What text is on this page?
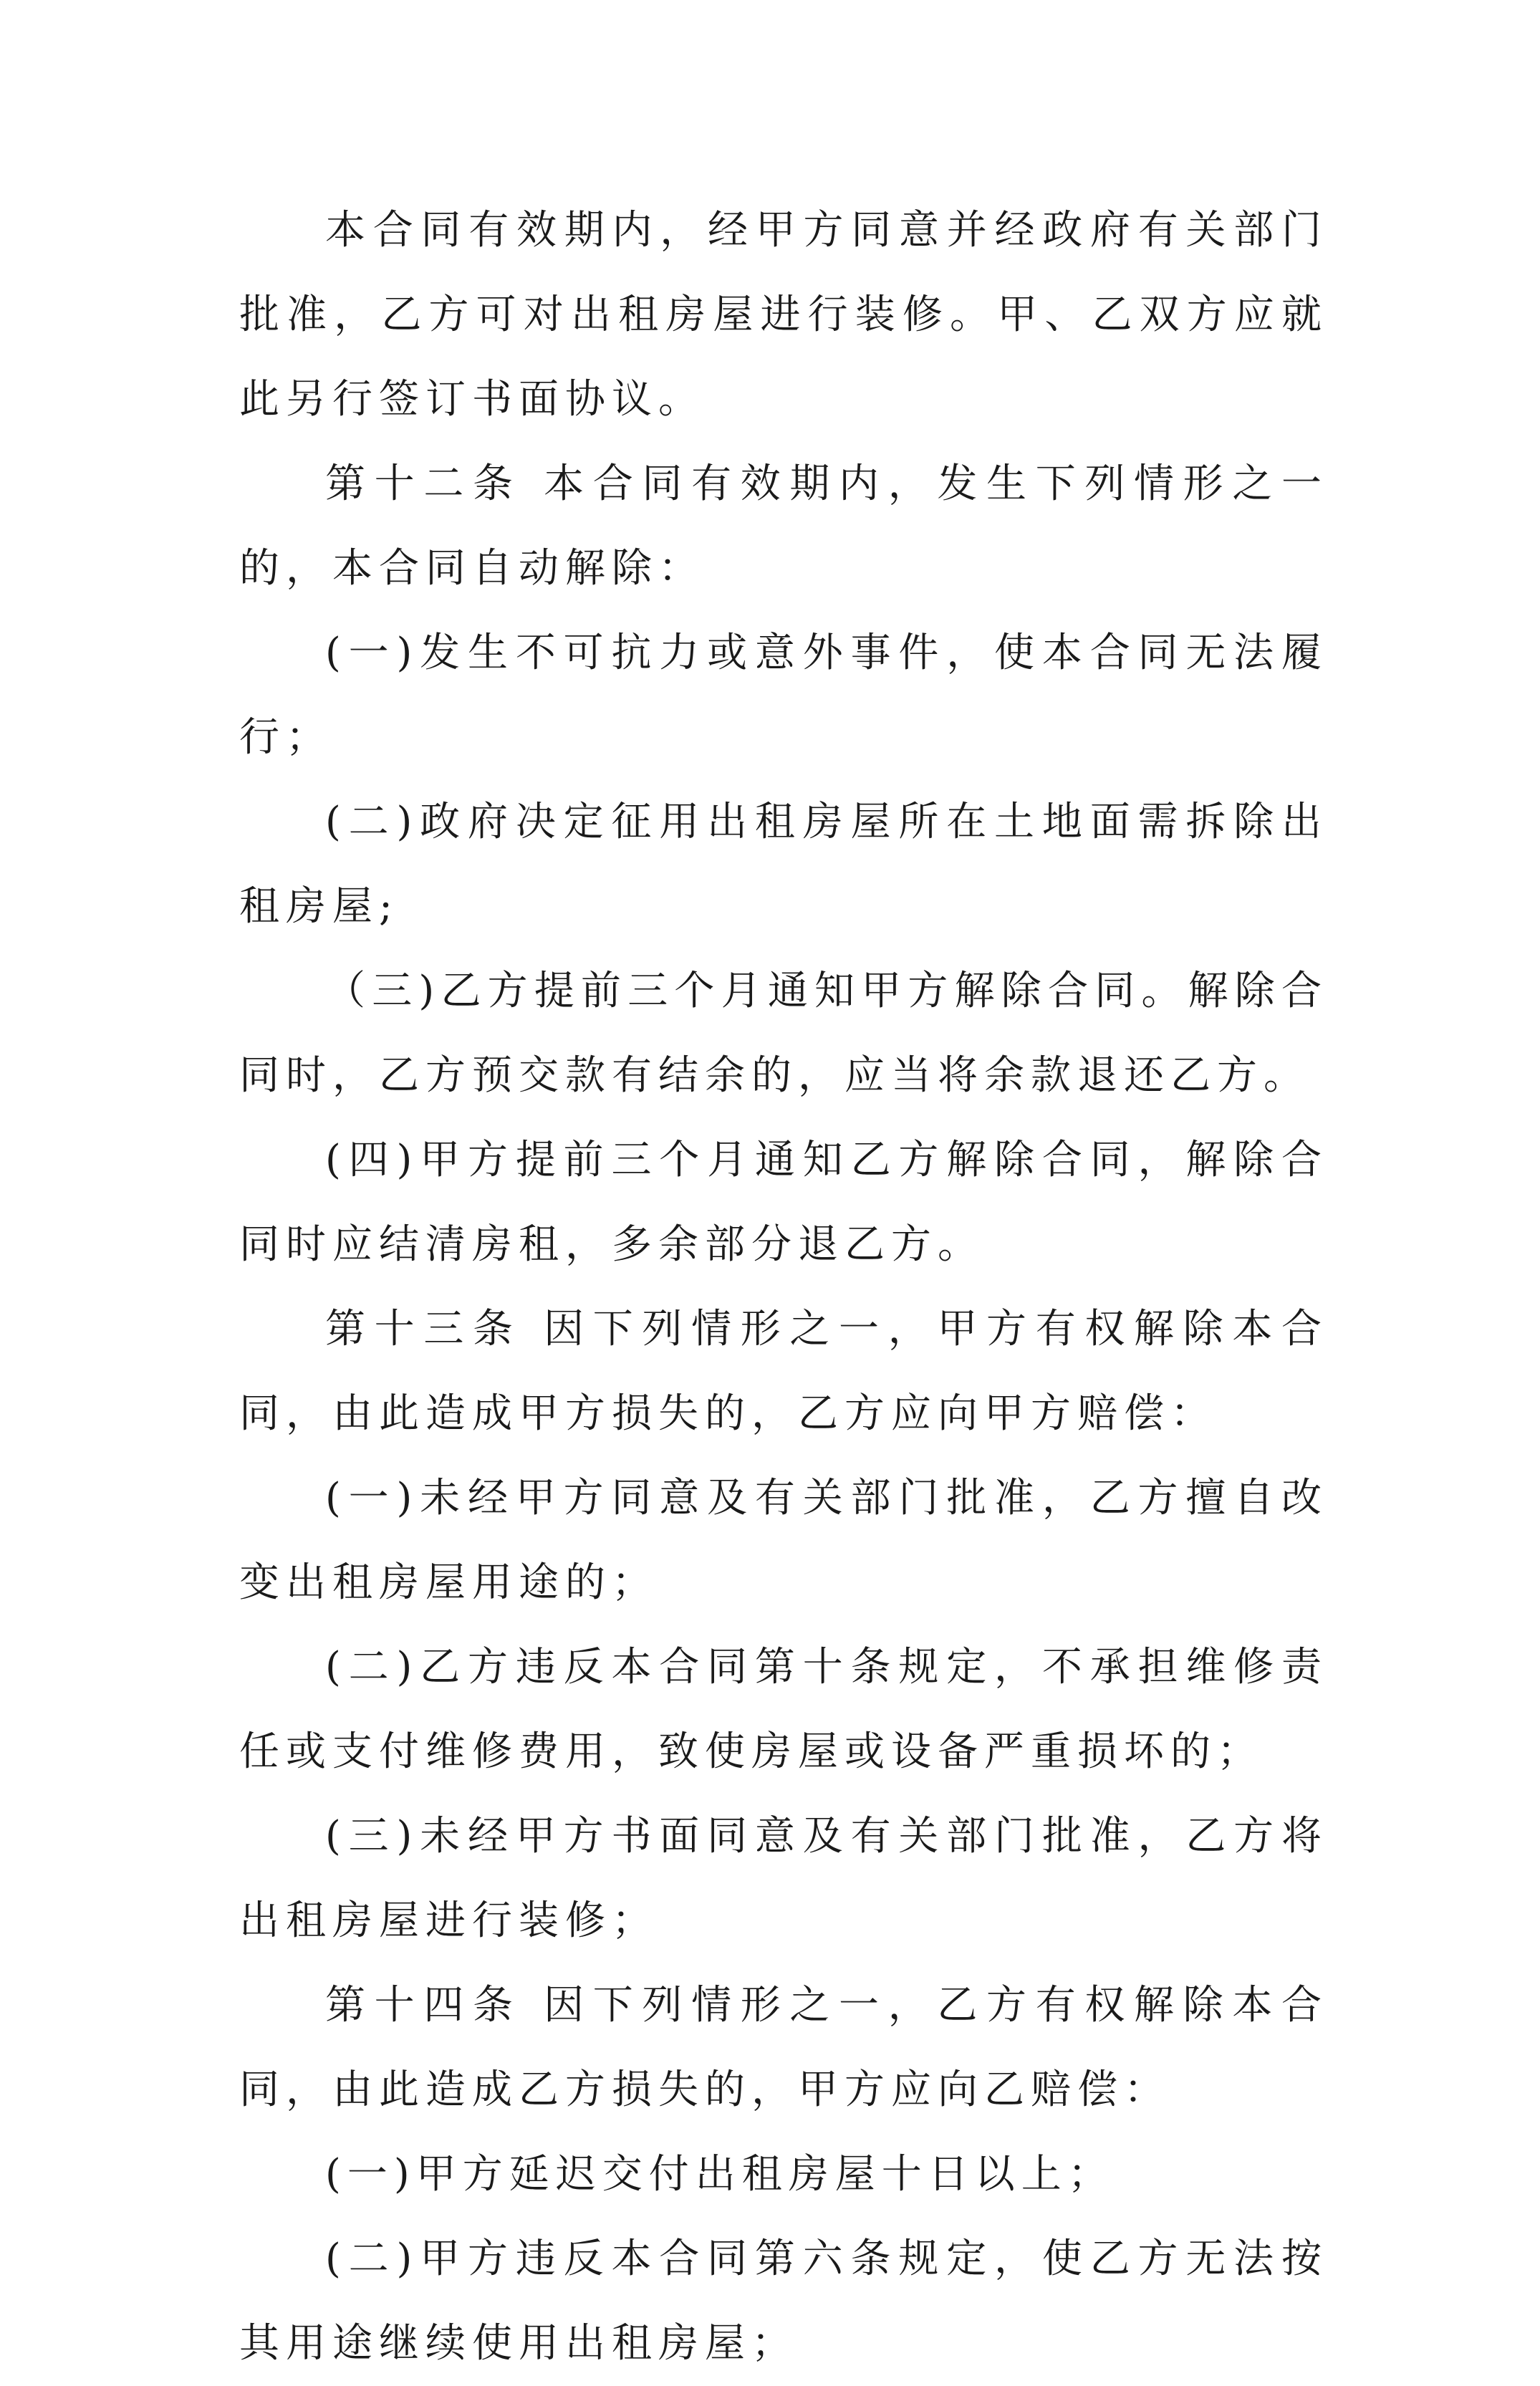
本合同有效期内，经甲方同意并经政府有关部门批准，乙方可对出租房屋进行装修。甲、乙双方应就此另行签订书面协议。

第十二条 本合同有效期内，发生下列情形之一的，本合同自动解除：

(一)发生不可抗力或意外事件，使本合同无法履行；

(二)政府决定征用出租房屋所在土地面需拆除出租房屋;

（三)乙方提前三个月通知甲方解除合同。解除合同时，乙方预交款有结余的，应当将余款退还乙方。

(四)甲方提前三个月通知乙方解除合同，解除合同时应结清房租，多余部分退乙方。

第十三条 因下列情形之一，甲方有权解除本合同，由此造成甲方损失的，乙方应向甲方赔偿：

(一)未经甲方同意及有关部门批准，乙方擅自改变出租房屋用途的；

(二)乙方违反本合同第十条规定，不承担维修责任或支付维修费用，致使房屋或设备严重损坏的；

(三)未经甲方书面同意及有关部门批准，乙方将出租房屋进行装修；

第十四条 因下列情形之一，乙方有权解除本合同，由此造成乙方损失的，甲方应向乙赔偿：

(一)甲方延迟交付出租房屋十日以上；

(二)甲方违反本合同第六条规定，使乙方无法按其用途继续使用出租房屋；
